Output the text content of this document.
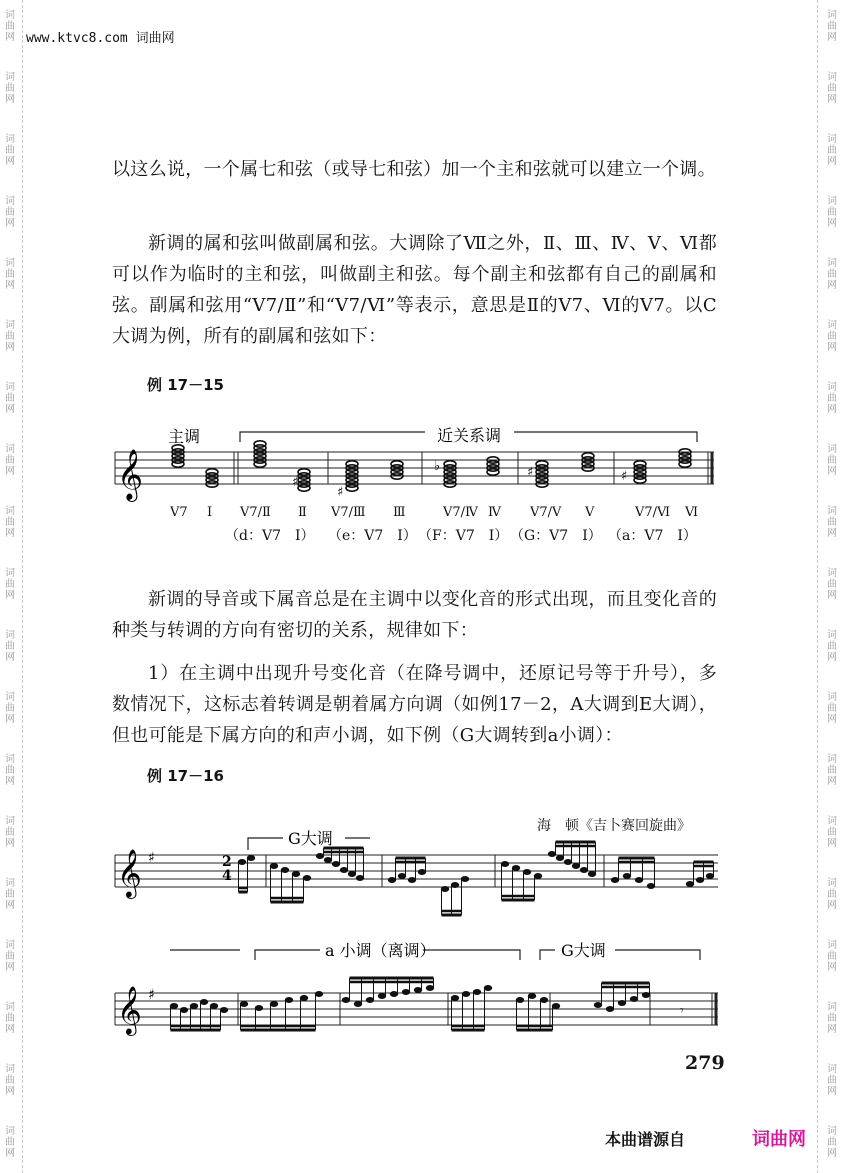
词
曲
网
词
曲
网
词
曲
网
词
曲
网
词
曲
网
词
曲
网
词
曲
网
词
曲
网
词
曲
网
词
曲
网
词
曲
网
词
曲
网
词
曲
网
词
曲
网
词
曲
网
词
曲
网
词
曲
网
词
曲
网
词
曲
网
词
曲
网
词
曲
网
词
曲
网
词
曲
网
词
曲
网
词
曲
网
词
曲
网
词
曲
网
词
曲
网
词
曲
网
词
曲
网
词
曲
网
词
曲
网
词
曲
网
词
曲
网
词
曲
网
词
曲
网
词
曲
网
词
曲
网
www.ktvc8.com 词曲网

以这么说，一个属七和弦（或导七和弦）加一个主和弦就可以建立一个调。

新调的属和弦叫做副属和弦。大调除了Ⅶ之外，Ⅱ、Ⅲ、Ⅳ、Ⅴ、Ⅵ都可以作为临时的主和弦，叫做副主和弦。每个副主和弦都有自己的副属和弦。副属和弦用“V7/Ⅱ”和“V7/Ⅵ”等表示，意思是Ⅱ的V7、Ⅵ的V7。以C大调为例，所有的副属和弦如下：

例 17－15
𝄞
主调	近关系调
♯
♯
♭	♯	♯
V7 Ⅰ V7/Ⅱ Ⅱ V7/Ⅲ Ⅲ	V7/Ⅳ Ⅳ V7/Ⅴ Ⅴ	V7/Ⅵ Ⅵ
（d：V7　Ⅰ） （e：V7　Ⅰ） （F：V7　Ⅰ） （G：V7　Ⅰ） （a：V7　Ⅰ）

新调的导音或下属音总是在主调中以变化音的形式出现，而且变化音的种类与转调的方向有密切的关系，规律如下：

1）在主调中出现升号变化音（在降号调中，还原记号等于升号），多数情况下，这标志着转调是朝着属方向调（如例17－2，A大调到E大调），但也可能是下属方向的和声小调，如下例（G大调转到a小调）：

例 17－16
海　顿《吉卜赛回旋曲》
𝄞
𝄞
♯
♯
2
4
G大调
a 小调（离调）	G大调
𝄾
279
本曲谱源自	词曲网
